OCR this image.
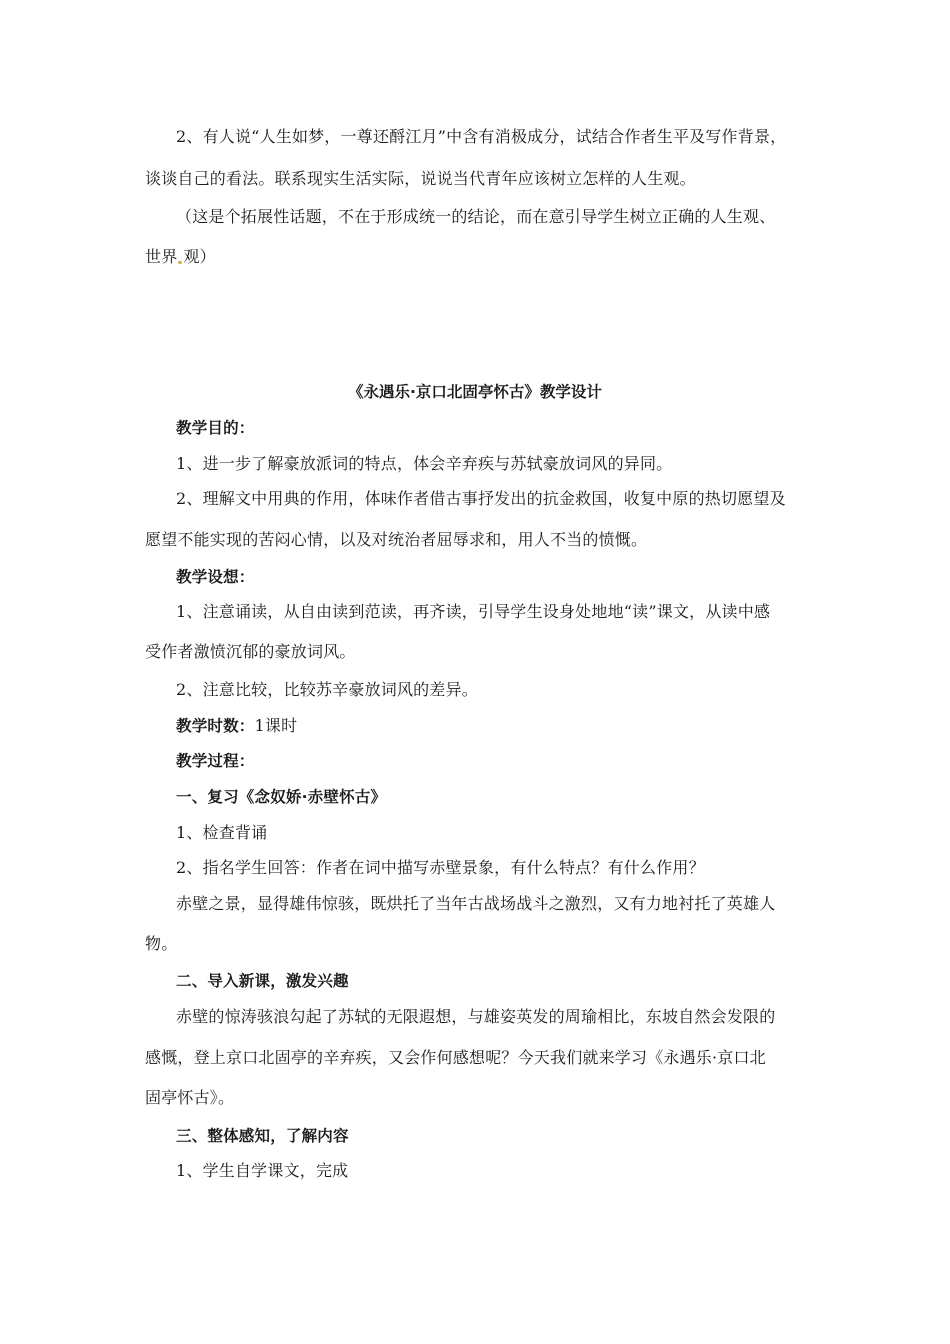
2、有人说“人生如梦，一尊还酹江月”中含有消极成分，试结合作者生平及写作背景，
谈谈自己的看法。联系现实生活实际，说说当代青年应该树立怎样的人生观。
（这是个拓展性话题，不在于形成统一的结论，而在意引导学生树立正确的人生观、
世界 观）
《永遇乐·京口北固亭怀古》教学设计
教学目的：
1、进一步了解豪放派词的特点，体会辛弃疾与苏轼豪放词风的异同。
2、理解文中用典的作用，体味作者借古事抒发出的抗金救国，收复中原的热切愿望及
愿望不能实现的苦闷心情，以及对统治者屈辱求和，用人不当的愤慨。
教学设想：
1、注意诵读，从自由读到范读，再齐读，引导学生设身处地地“读”课文，从读中感
受作者激愤沉郁的豪放词风。
2、注意比较，比较苏辛豪放词风的差异。
教学时数：1课时
教学过程：
一、复习《念奴娇·赤壁怀古》
1、检查背诵
2、指名学生回答：作者在词中描写赤壁景象，有什么特点？有什么作用？
赤壁之景，显得雄伟惊骇，既烘托了当年古战场战斗之激烈，又有力地衬托了英雄人
物。
二、导入新课，激发兴趣
赤壁的惊涛骇浪勾起了苏轼的无限遐想，与雄姿英发的周瑜相比，东坡自然会发限的
感慨，登上京口北固亭的辛弃疾，又会作何感想呢？今天我们就来学习《永遇乐·京口北
固亭怀古》。
三、整体感知，了解内容
1、学生自学课文，完成
